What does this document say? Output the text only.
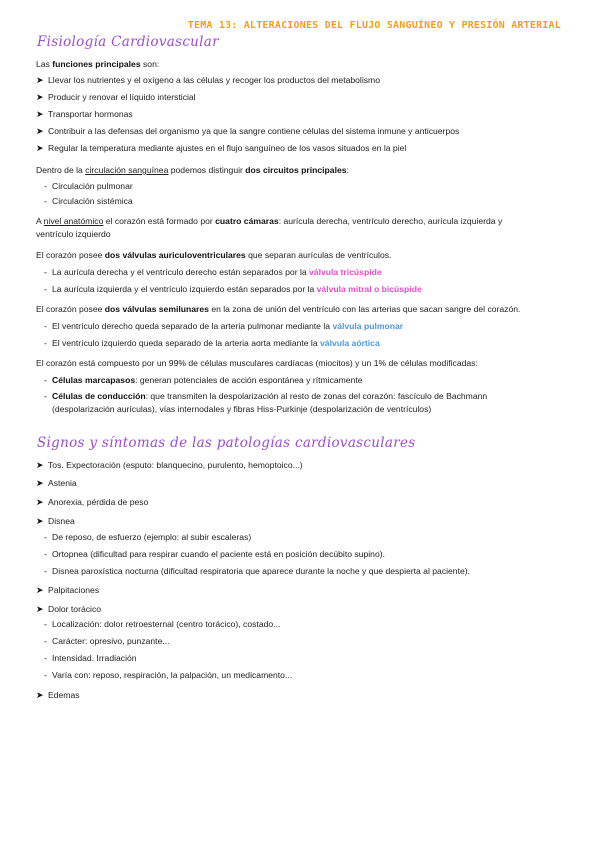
TEMA 13: ALTERACIONES DEL FLUJO SANGUÍNEO Y PRESIÓN ARTERIAL
Fisiología Cardiovascular
Las funciones principales son:
➤ Llevar los nutrientes y el oxígeno a las células y recoger los productos del metabolismo
➤ Producir y renovar el líquido intersticial
➤ Transportar hormonas
➤ Contribuir a las defensas del organismo ya que la sangre contiene células del sistema inmune y anticuerpos
➤ Regular la temperatura mediante ajustes en el flujo sanguíneo de los vasos situados en la piel
Dentro de la circulación sanguínea podemos distinguir dos circuitos principales:
- Circulación pulmonar
- Circulación sistémica
A nivel anatómico el corazón está formado por cuatro cámaras: aurícula derecha, ventrículo derecho, aurícula izquierda y
ventrículo izquierdo
El corazón posee dos válvulas auriculoventriculares que separan aurículas de ventrículos.
- La aurícula derecha y el ventrículo derecho están separados por la válvula tricúspide
- La aurícula izquierda y el ventrículo izquierdo están separados por la válvula mitral o bicúspide
El corazón posee dos válvulas semilunares en la zona de unión del ventrículo con las arterias que sacan sangre del corazón.
- El ventrículo derecho queda separado de la arteria pulmonar mediante la válvula pulmonar
- El ventrículo izquierdo queda separado de la arteria aorta mediante la válvula aórtica
El corazón está compuesto por un 99% de células musculares cardíacas (miocitos) y un 1% de células modificadas:
- Células marcapasos: generan potenciales de acción espontánea y rítmicamente
- Células de conducción: que transmiten la despolarización al resto de zonas del corazón: fascículo de Bachmann
(despolarización aurículas), vías internodales y fibras Hiss-Purkinje (despolarización de ventrículos)
Signos y síntomas de las patologías cardiovasculares
➤ Tos. Expectoración (esputo: blanquecino, purulento, hemoptoico...)
➤ Astenia
➤ Anorexia, pérdida de peso
➤ Disnea
- De reposo, de esfuerzo (ejemplo: al subir escaleras)
- Ortopnea (dificultad para respirar cuando el paciente está en posición decúbito supino).
- Disnea paroxística nocturna (dificultad respiratoria que aparece durante la noche y que despierta al paciente).
➤ Palpitaciones
➤ Dolor torácico
- Localización: dolor retroesternal (centro torácico), costado...
- Carácter: opresivo, punzante...
- Intensidad. Irradiación
- Varía con: reposo, respiración, la palpación, un medicamento...
➤ Edemas
